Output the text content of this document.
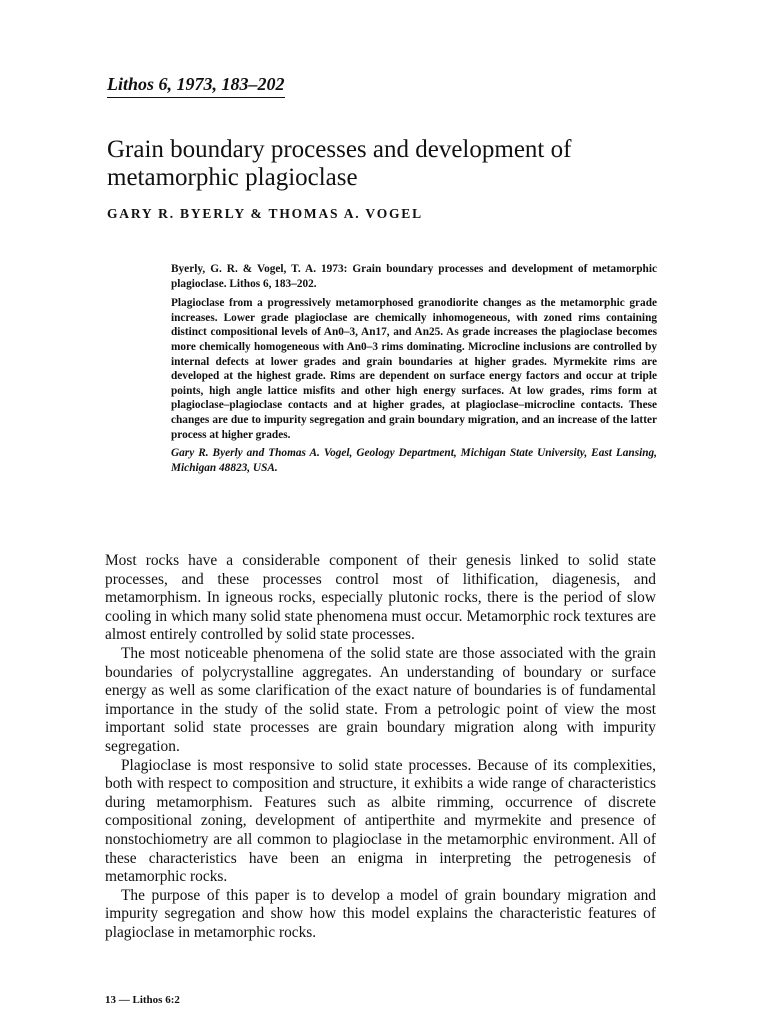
Lithos 6, 1973, 183–202
Grain boundary processes and development of metamorphic plagioclase
GARY R. BYERLY & THOMAS A. VOGEL

Byerly, G. R. & Vogel, T. A. 1973: Grain boundary processes and development of metamorphic plagioclase. Lithos 6, 183–202.

Plagioclase from a progressively metamorphosed granodiorite changes as the metamorphic grade increases. Lower grade plagioclase are chemically inhomogeneous, with zoned rims containing distinct compositional levels of An0–3, An17, and An25. As grade increases the plagioclase becomes more chemically homogeneous with An0–3 rims dominating. Microcline inclusions are controlled by internal defects at lower grades and grain boundaries at higher grades. Myrmekite rims are developed at the highest grade. Rims are dependent on surface energy factors and occur at triple points, high angle lattice misfits and other high energy surfaces. At low grades, rims form at plagioclase–plagioclase contacts and at higher grades, at plagioclase–microcline contacts. These changes are due to impurity segregation and grain boundary migration, and an increase of the latter process at higher grades.

Gary R. Byerly and Thomas A. Vogel, Geology Department, Michigan State University, East Lansing, Michigan 48823, USA.

Most rocks have a considerable component of their genesis linked to solid state processes, and these processes control most of lithification, diagenesis, and metamorphism. In igneous rocks, especially plutonic rocks, there is the period of slow cooling in which many solid state phenomena must occur. Metamorphic rock textures are almost entirely controlled by solid state processes.

The most noticeable phenomena of the solid state are those associated with the grain boundaries of polycrystalline aggregates. An understanding of boundary or surface energy as well as some clarification of the exact nature of boundaries is of fundamental importance in the study of the solid state. From a petrologic point of view the most important solid state processes are grain boundary migration along with impurity segregation.

Plagioclase is most responsive to solid state processes. Because of its complexities, both with respect to composition and structure, it exhibits a wide range of characteristics during metamorphism. Features such as albite rimming, occurrence of discrete compositional zoning, development of antiperthite and myrmekite and presence of nonstochiometry are all common to plagioclase in the metamorphic environment. All of these characteristics have been an enigma in interpreting the petrogenesis of metamorphic rocks.

The purpose of this paper is to develop a model of grain boundary migration and impurity segregation and show how this model explains the characteristic features of plagioclase in metamorphic rocks.

13 — Lithos 6:2
